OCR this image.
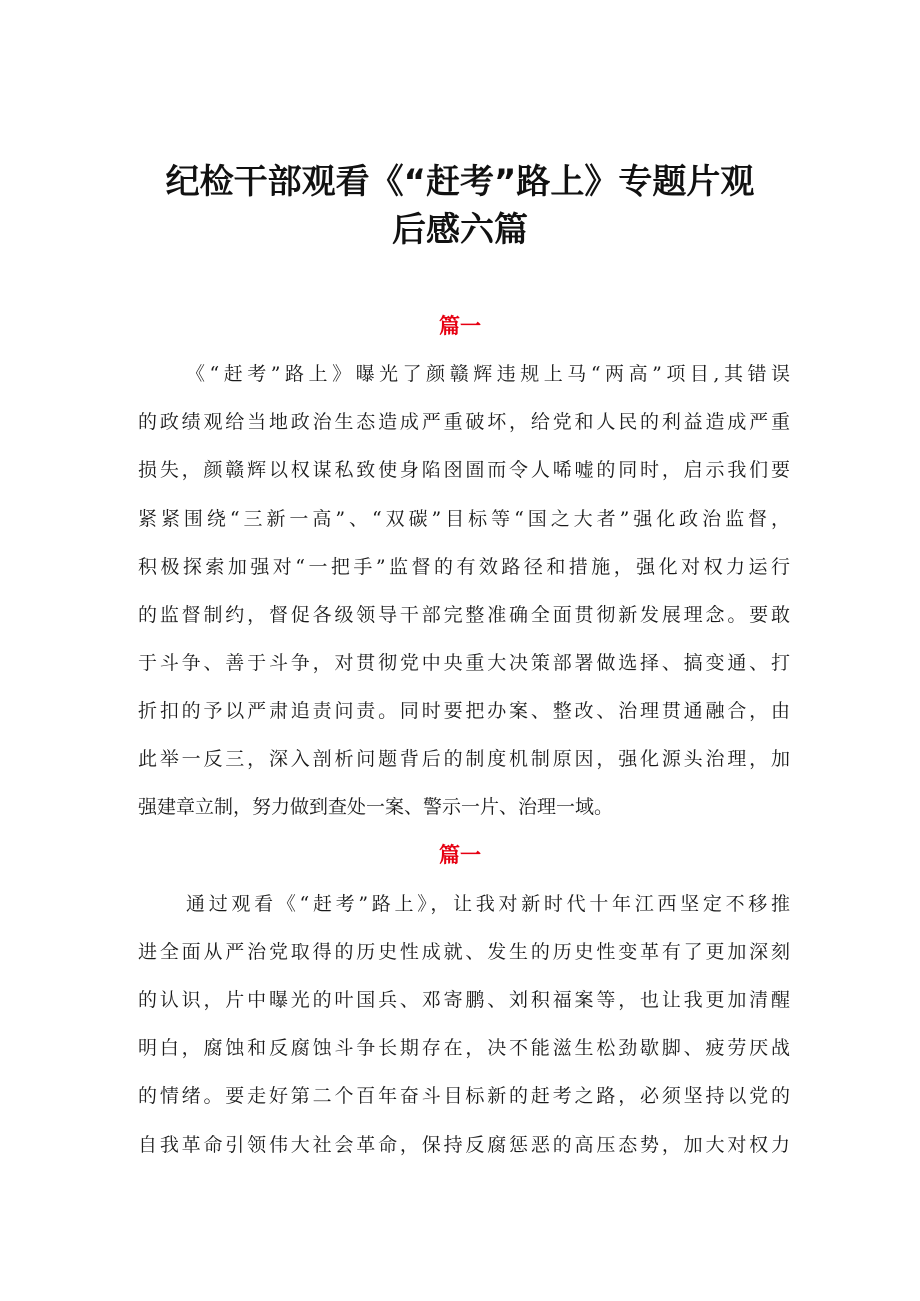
纪检干部观看《“赶考”路上》专题片观
后感六篇
篇一

《“赶考”路上》曝光了颜赣辉违规上马“两高”项目,其错误

的政绩观给当地政治生态造成严重破坏，给党和人民的利益造成严重

损失，颜赣辉以权谋私致使身陷囹圄而令人唏嘘的同时，启示我们要

紧紧围绕“三新一高”、“双碳”目标等“国之大者”强化政治监督，

积极探索加强对“一把手”监督的有效路径和措施，强化对权力运行

的监督制约，督促各级领导干部完整准确全面贯彻新发展理念。要敢

于斗争、善于斗争，对贯彻党中央重大决策部署做选择、搞变通、打

折扣的予以严肃追责问责。同时要把办案、整改、治理贯通融合，由

此举一反三，深入剖析问题背后的制度机制原因，强化源头治理，加

强建章立制，努力做到查处一案、警示一片、治理一域。

篇一

通过观看《“赶考”路上》，让我对新时代十年江西坚定不移推

进全面从严治党取得的历史性成就、发生的历史性变革有了更加深刻

的认识，片中曝光的叶国兵、邓寄鹏、刘积福案等，也让我更加清醒

明白，腐蚀和反腐蚀斗争长期存在，决不能滋生松劲歇脚、疲劳厌战

的情绪。要走好第二个百年奋斗目标新的赶考之路，必须坚持以党的

自我革命引领伟大社会革命，保持反腐惩恶的高压态势，加大对权力
